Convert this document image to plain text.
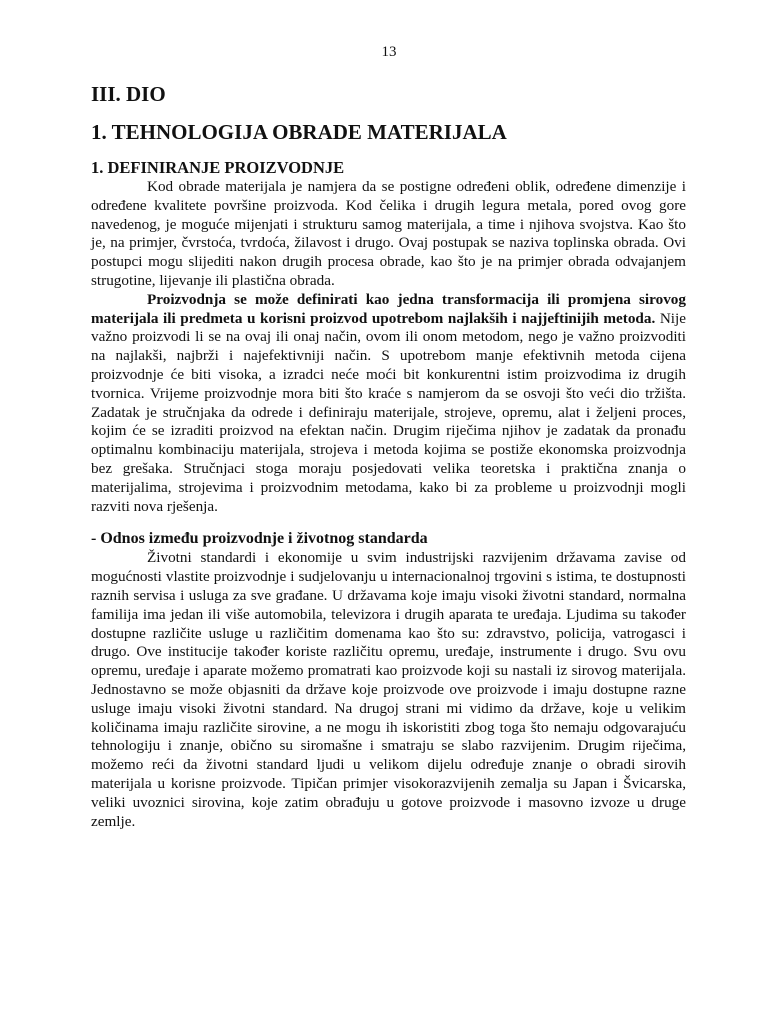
13
III. DIO
1. TEHNOLOGIJA OBRADE MATERIJALA
1. DEFINIRANJE PROIZVODNJE

Kod obrade materijala je namjera da se postigne određeni oblik, određene dimenzije i određene kvalitete površine proizvoda. Kod čelika i drugih legura metala, pored ovog gore navedenog, je moguće mijenjati i strukturu samog materijala, a time i njihova svojstva. Kao što je, na primjer, čvrstoća, tvrdoća, žilavost i drugo. Ovaj postupak se naziva toplinska obrada. Ovi postupci mogu slijediti nakon drugih procesa obrade, kao što je na primjer obrada odvajanjem strugotine, lijevanje ili plastična obrada.

Proizvodnja se može definirati kao jedna transformacija ili promjena sirovog materijala ili predmeta u korisni proizvod upotrebom najlakših i najjeftinijih metoda. Nije važno proizvodi li se na ovaj ili onaj način, ovom ili onom metodom, nego je važno proizvoditi na najlakši, najbrži i najefektivniji način. S upotrebom manje efektivnih metoda cijena proizvodnje će biti visoka, a izradci neće moći bit konkurentni istim proizvodima iz drugih tvornica. Vrijeme proizvodnje mora biti što kraće s namjerom da se osvoji što veći dio tržišta. Zadatak je stručnjaka da odrede i definiraju materijale, strojeve, opremu, alat i željeni proces, kojim će se izraditi proizvod na efektan način. Drugim riječima njihov je zadatak da pronađu optimalnu kombinaciju materijala, strojeva i metoda kojima se postiže ekonomska proizvodnja bez grešaka. Stručnjaci stoga moraju posjedovati velika teoretska i praktična znanja o materijalima, strojevima i proizvodnim metodama, kako bi za probleme u proizvodnji mogli razviti nova rješenja.

- Odnos između proizvodnje i životnog standarda

Životni standardi i ekonomije u svim industrijski razvijenim državama zavise od mogućnosti vlastite proizvodnje i sudjelovanju u internacionalnoj trgovini s istima, te dostupnosti raznih servisa i usluga za sve građane. U državama koje imaju visoki životni standard, normalna familija ima jedan ili više automobila, televizora i drugih aparata te uređaja. Ljudima su također dostupne različite usluge u različitim domenama kao što su: zdravstvo, policija, vatrogasci i drugo. Ove institucije također koriste različitu opremu, uređaje, instrumente i drugo. Svu ovu opremu, uređaje i aparate možemo promatrati kao proizvode koji su nastali iz sirovog materijala. Jednostavno se može objasniti da države koje proizvode ove proizvode i imaju dostupne razne usluge imaju visoki životni standard. Na drugoj strani mi vidimo da države, koje u velikim količinama imaju različite sirovine, a ne mogu ih iskoristiti zbog toga što nemaju odgovarajuću tehnologiju i znanje, obično su siromašne i smatraju se slabo razvijenim. Drugim riječima, možemo reći da životni standard ljudi u velikom dijelu određuje znanje o obradi sirovih materijala u korisne proizvode. Tipičan primjer visokorazvijenih zemalja su Japan i Švicarska, veliki uvoznici sirovina, koje zatim obrađuju u gotove proizvode i masovno izvoze u druge zemlje.
